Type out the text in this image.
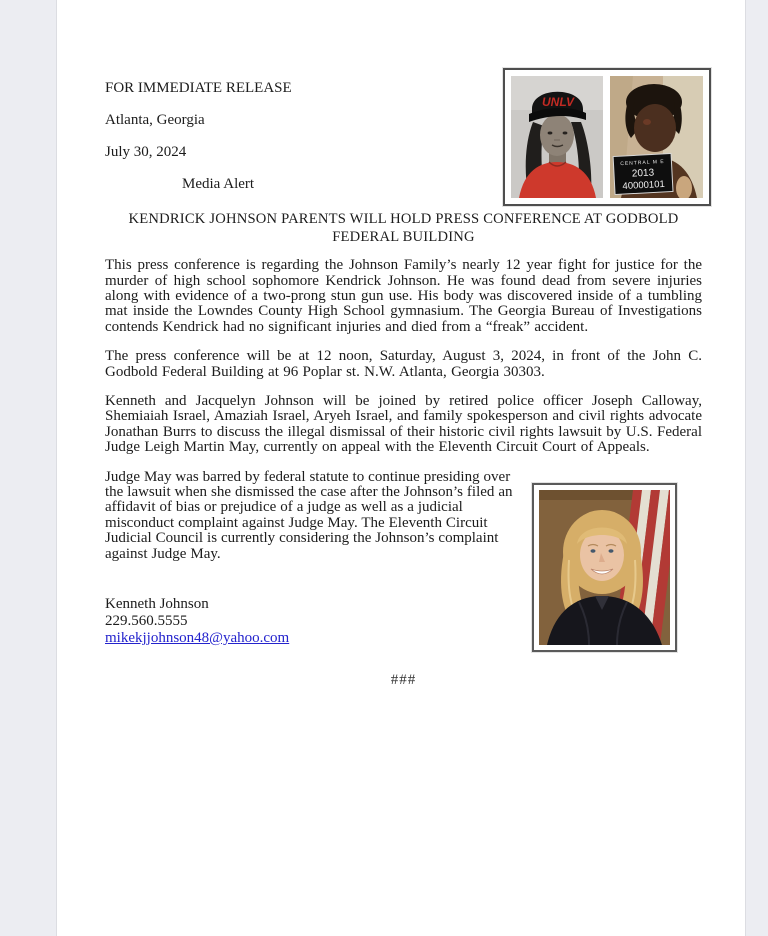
UNLV
CENTRAL M E
2013
40000101

FOR IMMEDIATE RELEASE

Atlanta, Georgia

July 30, 2024

Media Alert

KENDRICK JOHNSON PARENTS WILL HOLD PRESS CONFERENCE AT GODBOLD
FEDERAL BUILDING

This press conference is regarding the Johnson Family’s nearly 12 year fight for justice for the murder of high school sophomore Kendrick Johnson. He was found dead from severe injuries along with evidence of a two-prong stun gun use. His body was discovered inside of a tumbling mat inside the Lowndes County High School gymnasium. The Georgia Bureau of Investigations contends Kendrick had no significant injuries and died from a “freak” accident.

The press conference will be at 12 noon, Saturday, August 3, 2024, in front of the John C. Godbold Federal Building at 96 Poplar st. N.W. Atlanta, Georgia 30303.

Kenneth and Jacquelyn Johnson will be joined by retired police officer Joseph Calloway, Shemiaiah Israel, Amaziah Israel, Aryeh Israel, and family spokesperson and civil rights advocate Jonathan Burrs to discuss the illegal dismissal of their historic civil rights lawsuit by U.S. Federal Judge Leigh Martin May, currently on appeal with the Eleventh Circuit Court of Appeals.

Judge May was barred by federal statute to continue presiding over the lawsuit when she dismissed the case after the Johnson’s filed an affidavit of bias or prejudice of a judge as well as a judicial misconduct complaint against Judge May. The Eleventh Circuit Judicial Council is currently considering the Johnson’s complaint against Judge May.

Kenneth Johnson
229.560.5555
mikekjjohnson48@yahoo.com
###
